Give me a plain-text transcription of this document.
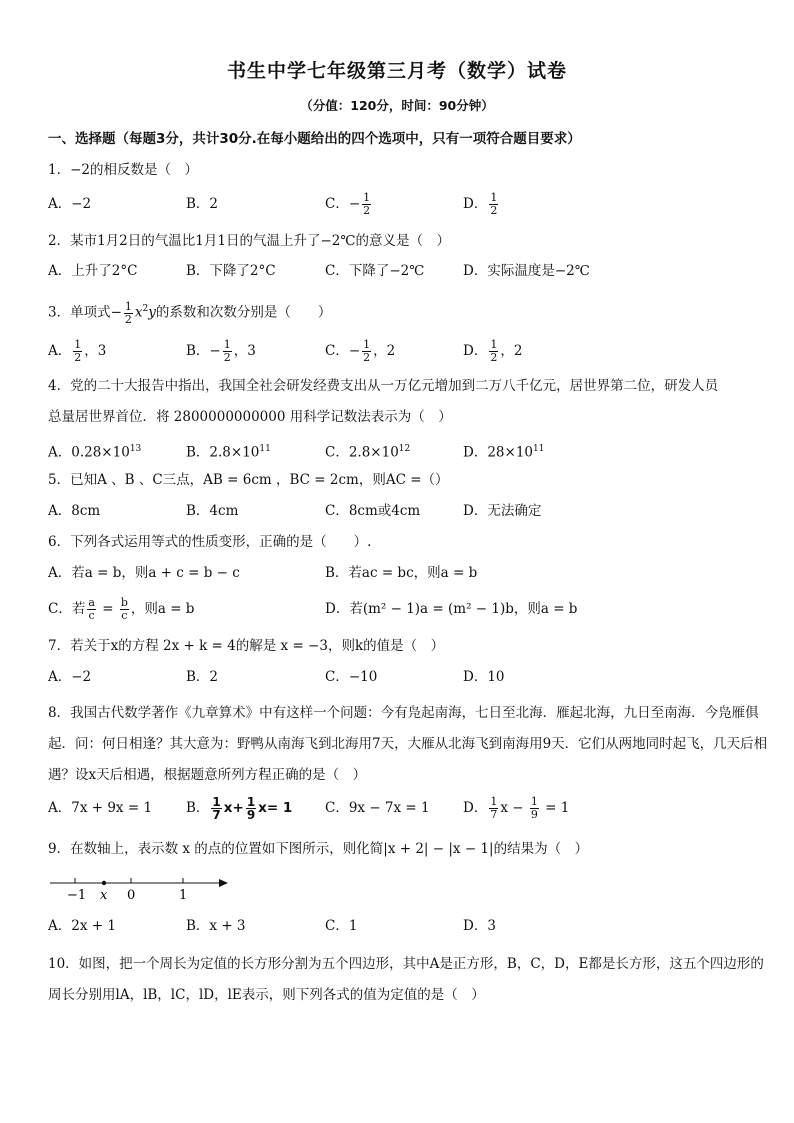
书生中学七年级第三月考（数学）试卷
（分值：120分，时间：90分钟）
一、选择题（每题3分，共计30分.在每小题给出的四个选项中，只有一项符合题目要求）
1．−2的相反数是（　）
A．−2	B．2	C．− $\frac{1}{2}$	D． $\frac{1}{2}$
2．某市1月2日的气温比1月1日的气温上升了−2℃的意义是（　）
A．上升了2°C	B．下降了2°C	C．下降了−2℃	D．实际温度是−2℃
3．单项式− $\frac{1}{2} x^2y$的系数和次数分别是（　　）
A． $\frac{1}{2}$ ，3	B．− $\frac{1}{2}$ ，3	C．− $\frac{1}{2}$ ，2	D． $\frac{1}{2}$ ，2
4．党的二十大报告中指出，我国全社会研发经费支出从一万亿元增加到二万八千亿元，居世界第二位，研发人员
总量居世界首位．将 2800000000000 用科学记数法表示为（　）
A．$0.28\times 10^{13}$	B．$2.8\times 10^{11}$	C．$2.8\times 10^{12}$	D．$28\times 10^{11}$
5．已知A 、B 、C三点，AB = 6cm ，BC = 2cm，则AC =（）
A．8cm	B．4cm	C．8cm或4cm	D．无法确定
6．下列各式运用等式的性质变形，正确的是（　　）.
A．若a = b，则a + c = b − c	B．若ac = bc，则a = b
C．若 $\frac{a}{c} = \frac{b}{c}$ ，则a = b	D．若(m² − 1)a = (m² − 1)b，则a = b
7．若关于x的方程 2x + k = 4的解是 x = −3，则k的值是（　）
A．−2	B．2	C．−10	D．10
8．我国古代数学著作《九章算术》中有这样一个问题：今有凫起南海，七日至北海．雁起北海，九日至南海．今凫雁俱起．问：何日相逢？其大意为：野鸭从南海飞到北海用7天，大雁从北海飞到南海用9天．它们从两地同时起飞，几天后相遇？设x天后相遇，根据题意所列方程正确的是（　）
A．7x + 9x = 1	B． $\frac{1}{7} x+ \frac{1}{9} x= 1$ C．9x − 7x = 1 D． $\frac{1}{7}$ $x - \frac{1}{9} = 1$
9．在数轴上，表示数 x 的点的位置如下图所示，则化简|x + 2| − |x − 1|的结果为（　）
−1 x 0	1
A．2x + 1	B．x + 3	C．1	D．3
10．如图，把一个周长为定值的长方形分割为五个四边形，其中A是正方形，B，C，D，E都是长方形，这五个四边形的周长分别用lA，lB，lC，lD，lE表示，则下列各式的值为定值的是（　）
